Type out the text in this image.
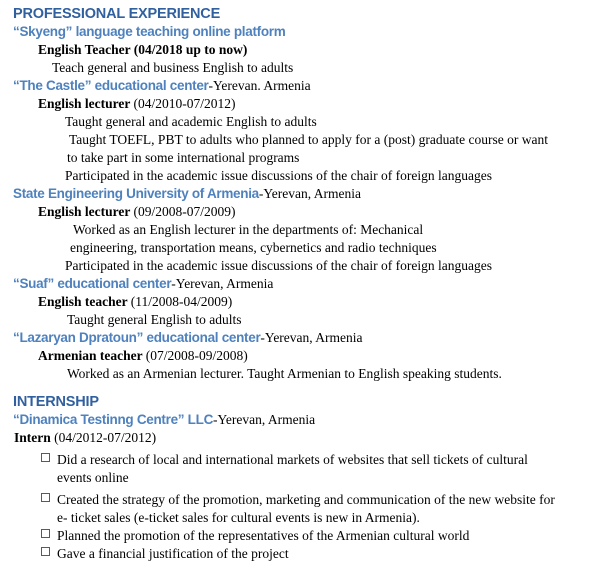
PROFESSIONAL EXPERIENCE
“Skyeng” language teaching online platform
English Teacher (04/2018 up to now)
Teach general and business English to adults
“The Castle” educational center-Yerevan. Armenia
English lecturer (04/2010-07/2012)
Taught general and academic English to adults
Taught TOEFL, PBT to adults who planned to apply for a (post) graduate course or want
to take part in some international programs
Participated in the academic issue discussions of the chair of foreign languages
State Engineering University of Armenia-Yerevan, Armenia
English lecturer (09/2008-07/2009)
Worked as an English lecturer in the departments of: Mechanical
engineering, transportation means, cybernetics and radio techniques
Participated in the academic issue discussions of the chair of foreign languages
“Suaf” educational center-Yerevan, Armenia
English teacher (11/2008-04/2009)
Taught general English to adults
“Lazaryan Dpratoun” educational center-Yerevan, Armenia
Armenian teacher (07/2008-09/2008)
Worked as an Armenian lecturer. Taught Armenian to English speaking students.
INTERNSHIP
“Dinamica Testinng Centre” LLC-Yerevan, Armenia
Intern (04/2012-07/2012)
Did a research of local and international markets of websites that sell tickets of cultural
events online
Created the strategy of the promotion, marketing and communication of the new website for
e- ticket sales (e-ticket sales for cultural events is new in Armenia).
Planned the promotion of the representatives of the Armenian cultural world
Gave a financial justification of the project
